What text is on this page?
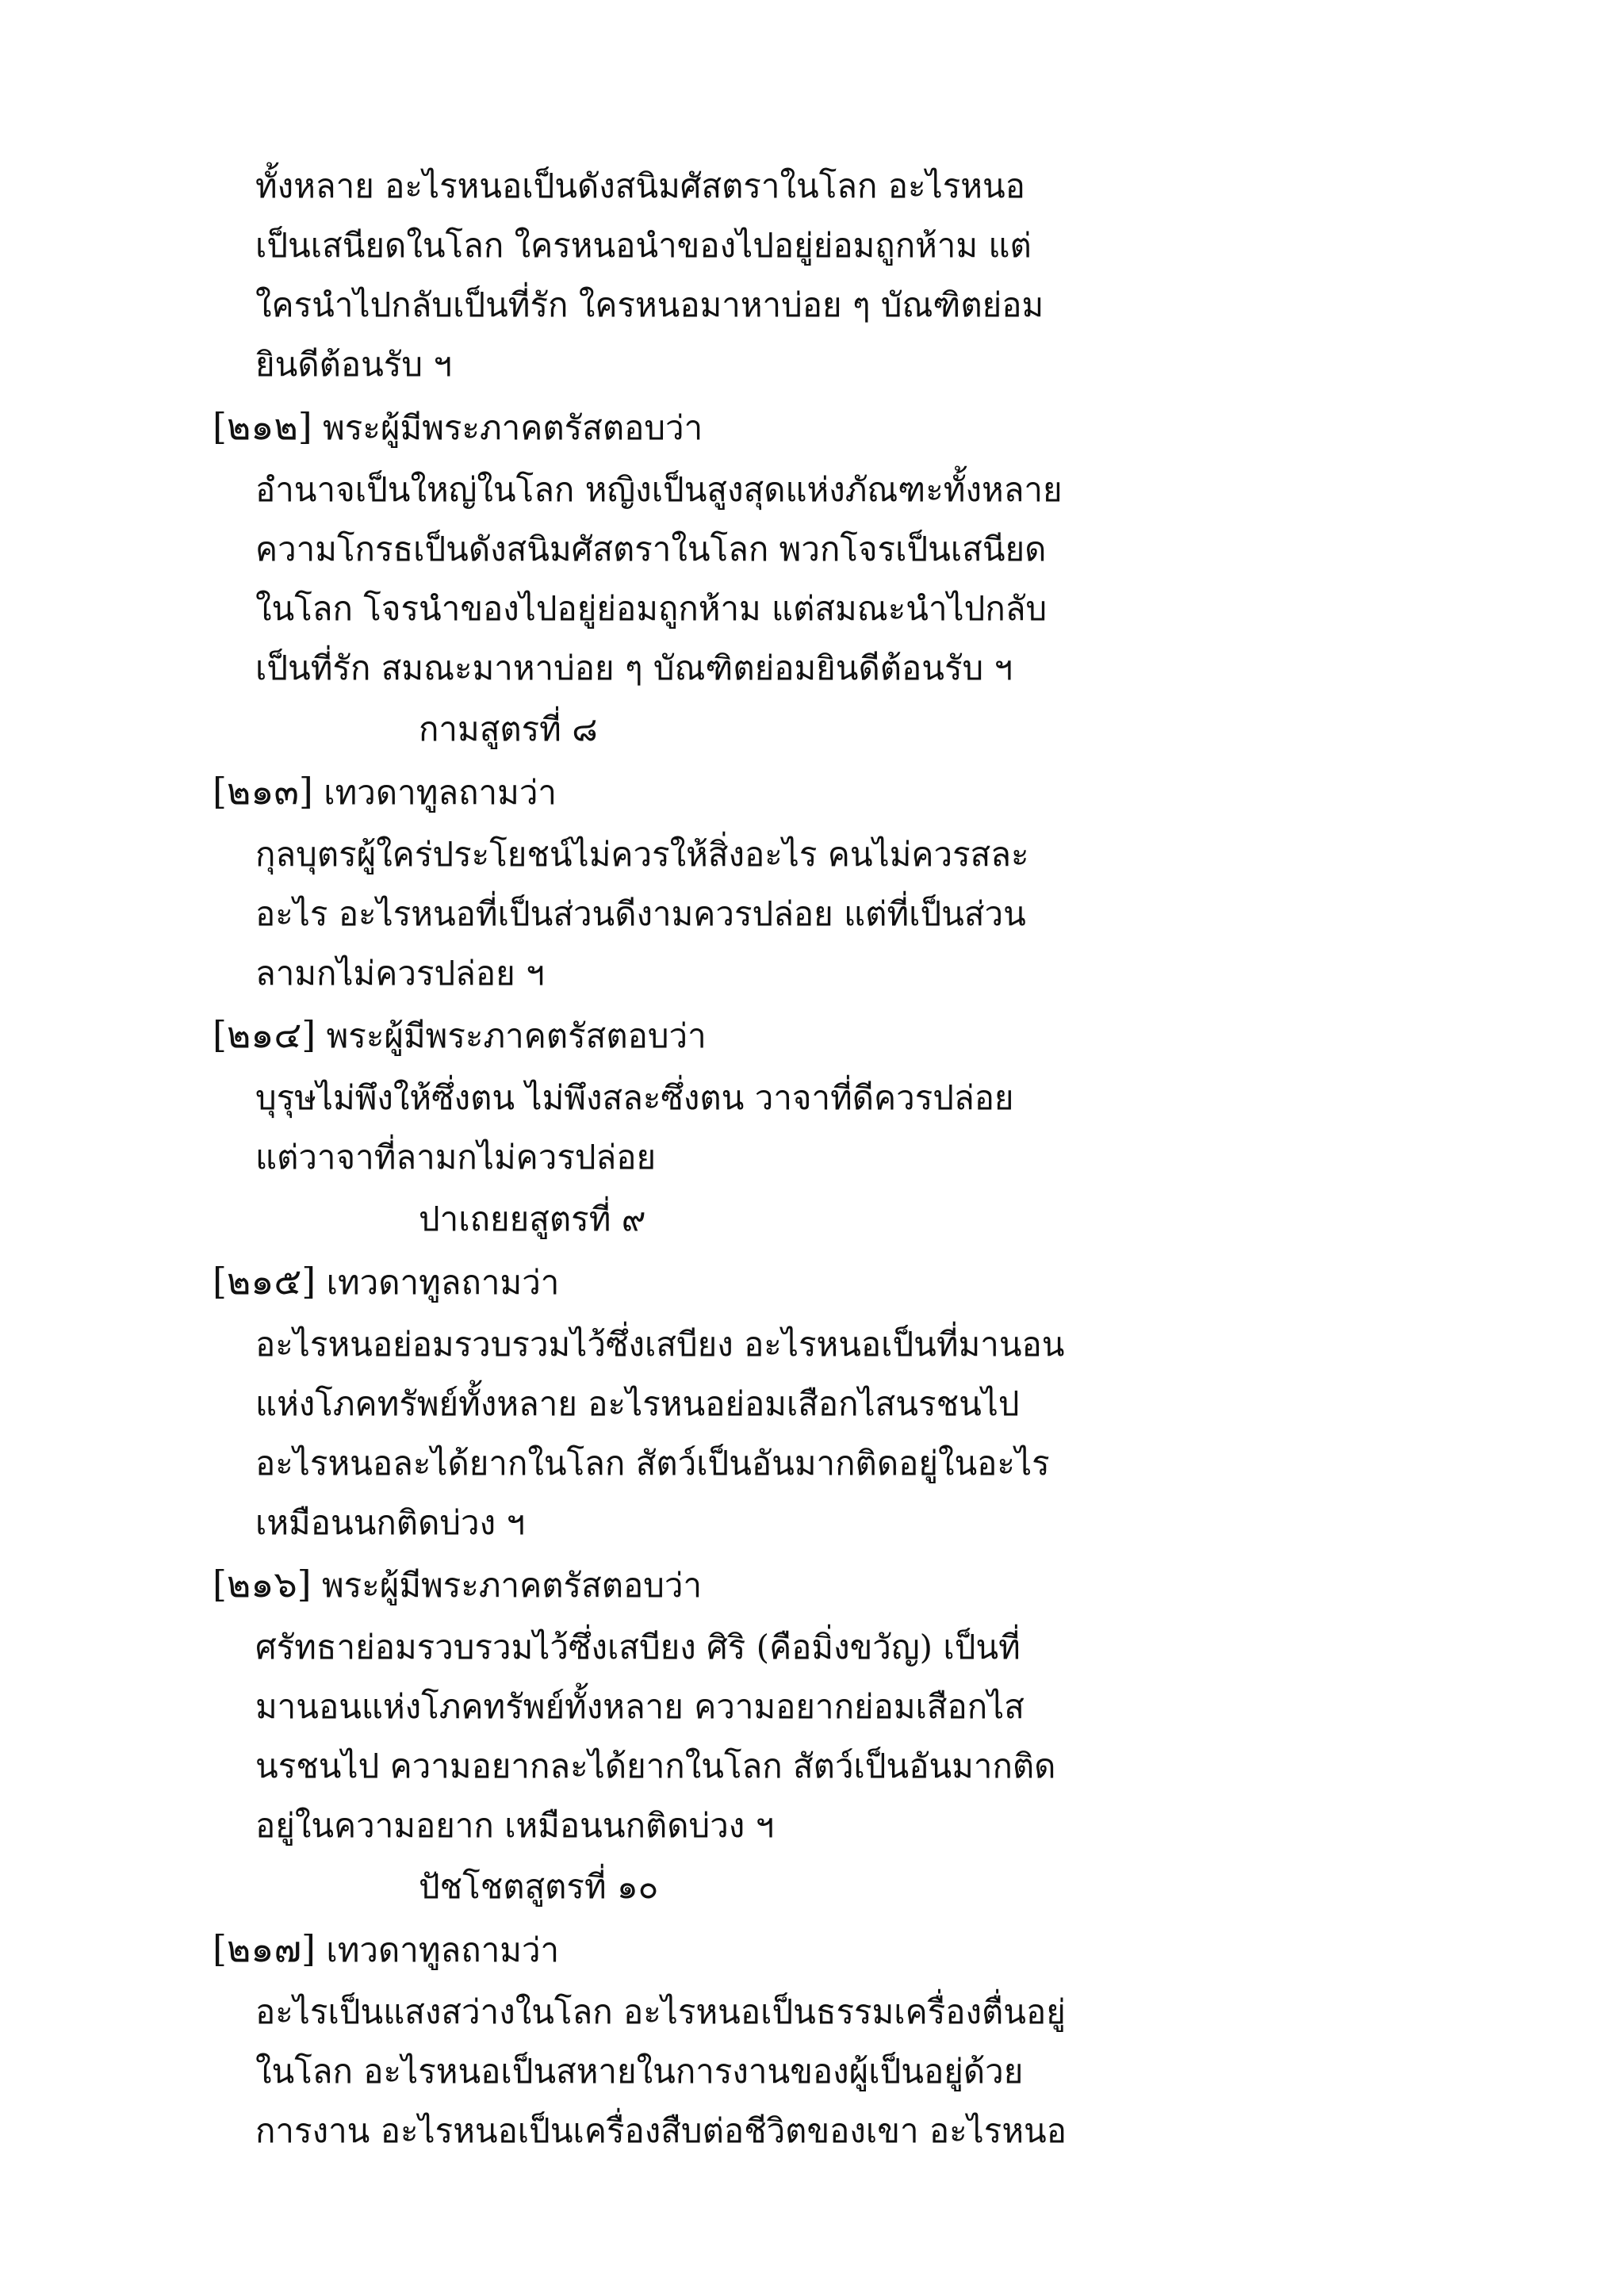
ทั้งหลาย อะไรหนอเป็นดังสนิมศัสตราในโลก อะไรหนอ
เป็นเสนียดในโลก ใครหนอนำของไปอยู่ย่อมถูกห้าม แต่
ใครนำไปกลับเป็นที่รัก ใครหนอมาหาบ่อย ๆ บัณฑิตย่อม
ยินดีต้อนรับ ฯ
[๒๑๒] พระผู้มีพระภาคตรัสตอบว่า
อำนาจเป็นใหญ่ในโลก หญิงเป็นสูงสุดแห่งภัณฑะทั้งหลาย
ความโกรธเป็นดังสนิมศัสตราในโลก พวกโจรเป็นเสนียด
ในโลก โจรนำของไปอยู่ย่อมถูกห้าม แต่สมณะนำไปกลับ
เป็นที่รัก สมณะมาหาบ่อย ๆ บัณฑิตย่อมยินดีต้อนรับ ฯ
กามสูตรที่ ๘
[๒๑๓] เทวดาทูลถามว่า
กุลบุตรผู้ใคร่ประโยชน์ไม่ควรให้สิ่งอะไร คนไม่ควรสละ
อะไร อะไรหนอที่เป็นส่วนดีงามควรปล่อย แต่ที่เป็นส่วน
ลามกไม่ควรปล่อย ฯ
[๒๑๔] พระผู้มีพระภาคตรัสตอบว่า
บุรุษไม่พึงให้ซึ่งตน ไม่พึงสละซึ่งตน วาจาที่ดีควรปล่อย
แต่วาจาที่ลามกไม่ควรปล่อย
ปาเถยยสูตรที่ ๙
[๒๑๕] เทวดาทูลถามว่า
อะไรหนอย่อมรวบรวมไว้ซึ่งเสบียง อะไรหนอเป็นที่มานอน
แห่งโภคทรัพย์ทั้งหลาย อะไรหนอย่อมเสือกไสนรชนไป
อะไรหนอละได้ยากในโลก สัตว์เป็นอันมากติดอยู่ในอะไร
เหมือนนกติดบ่วง ฯ
[๒๑๖] พระผู้มีพระภาคตรัสตอบว่า
ศรัทธาย่อมรวบรวมไว้ซึ่งเสบียง ศิริ (คือมิ่งขวัญ) เป็นที่
มานอนแห่งโภคทรัพย์ทั้งหลาย ความอยากย่อมเสือกไส
นรชนไป ความอยากละได้ยากในโลก สัตว์เป็นอันมากติด
อยู่ในความอยาก เหมือนนกติดบ่วง ฯ
ปัชโชตสูตรที่ ๑๐
[๒๑๗] เทวดาทูลถามว่า
อะไรเป็นแสงสว่างในโลก อะไรหนอเป็นธรรมเครื่องตื่นอยู่
ในโลก อะไรหนอเป็นสหายในการงานของผู้เป็นอยู่ด้วย
การงาน อะไรหนอเป็นเครื่องสืบต่อชีวิตของเขา อะไรหนอ
